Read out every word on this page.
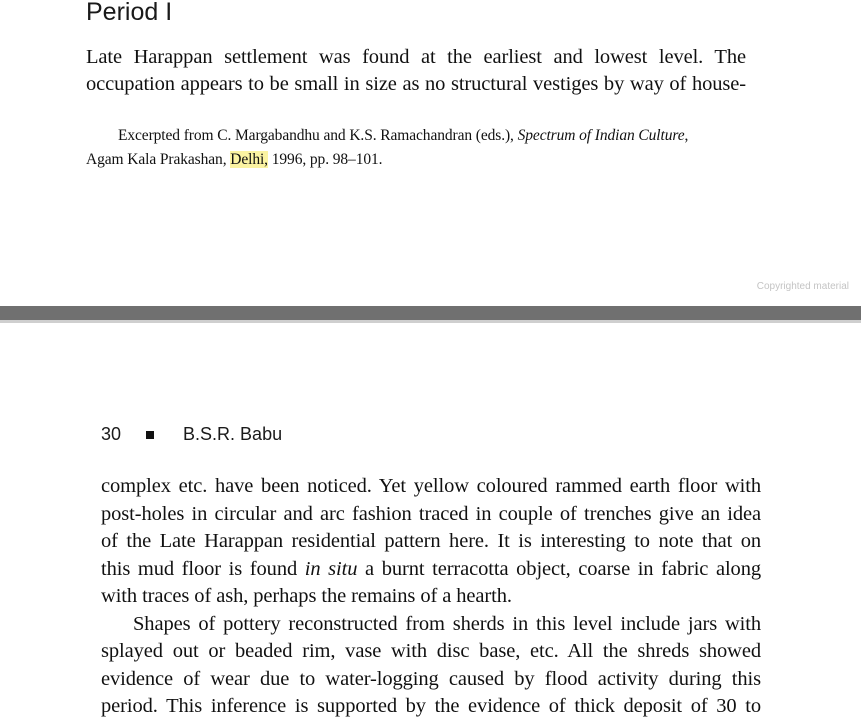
Period I
Late Harappan settlement was found at the earliest and lowest level. The
occupation appears to be small in size as no structural vestiges by way of house-
Excerpted from C. Margabandhu and K.S. Ramachandran (eds.), Spectrum of Indian Culture,
Agam Kala Prakashan, Delhi, 1996, pp. 98–101.
Copyrighted material
30	B.S.R. Babu
complex etc. have been noticed. Yet yellow coloured rammed earth floor with
post-holes in circular and arc fashion traced in couple of trenches give an idea
of the Late Harappan residential pattern here. It is interesting to note that on
this mud floor is found in situ a burnt terracotta object, coarse in fabric along
with traces of ash, perhaps the remains of a hearth.
Shapes of pottery reconstructed from sherds in this level include jars with
splayed out or beaded rim, vase with disc base, etc. All the shreds showed
evidence of wear due to water-logging caused by flood activity during this
period. This inference is supported by the evidence of thick deposit of 30 to
